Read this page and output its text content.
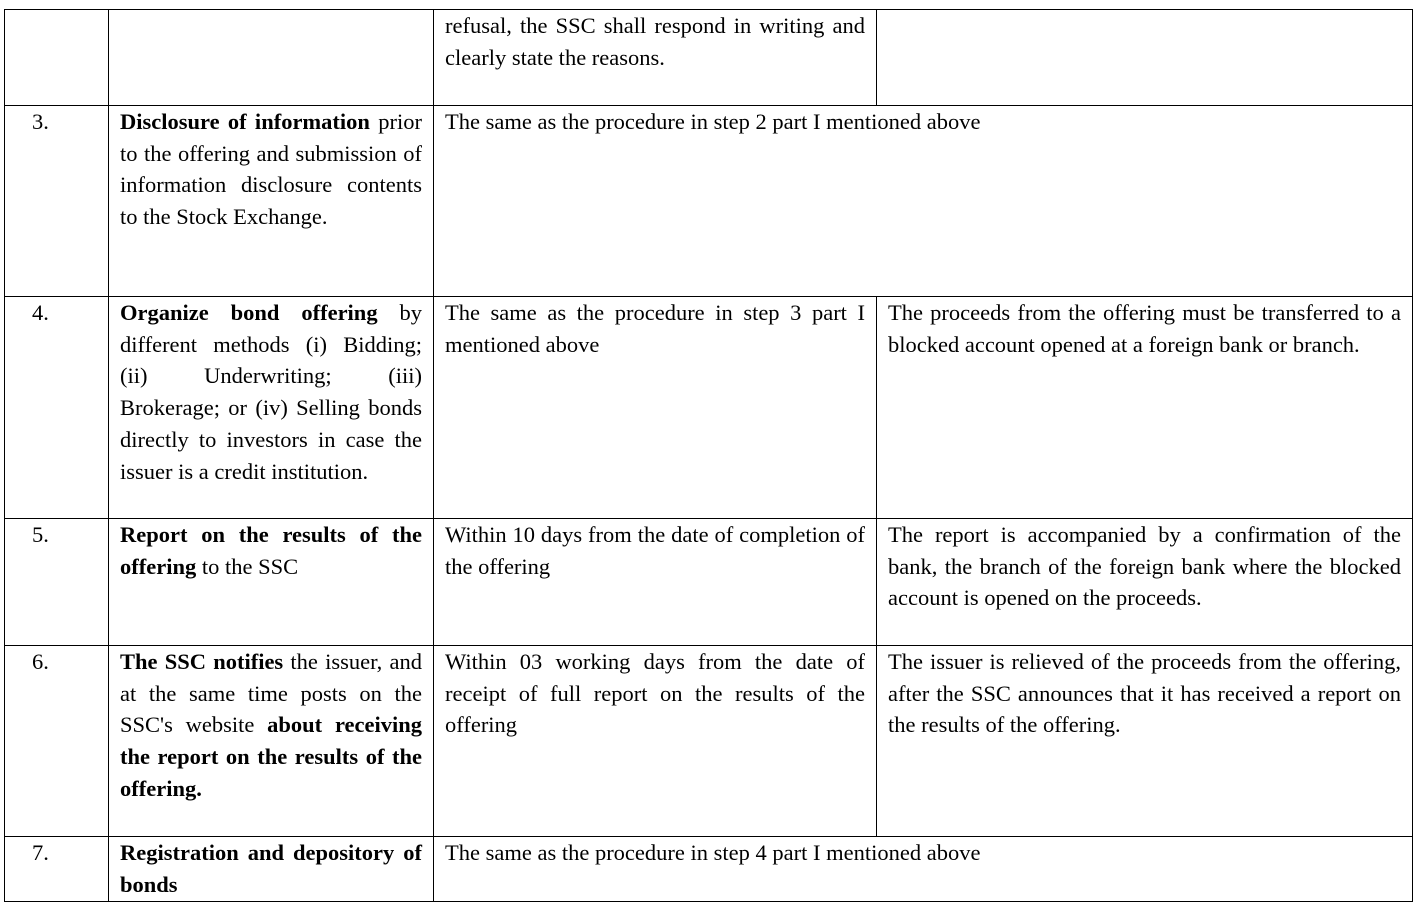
		refusal, the SSC shall respond in writing and clearly state the reasons.	
3.	Disclosure of information prior to the offering and submission of information disclosure contents to the Stock Exchange.	The same as the procedure in step 2 part I mentioned above	
4.	Organize bond offering by different methods (i) Bidding; (ii) Underwriting; (iii) Brokerage; or (iv) Selling bonds directly to investors in case the issuer is a credit institution.	The same as the procedure in step 3 part I mentioned above	The proceeds from the offering must be transferred to a blocked account opened at a foreign bank or branch.
5.	Report on the results of the offering to the SSC	Within 10 days from the date of completion of the offering	The report is accompanied by a confirmation of the bank, the branch of the foreign bank where the blocked account is opened on the proceeds.
6.	The SSC notifies the issuer, and at the same time posts on the SSC's website about receiving the report on the results of the offering.	Within 03 working days from the date of receipt of full report on the results of the offering	The issuer is relieved of the proceeds from the offering, after the SSC announces that it has received a report on the results of the offering.
7.	Registration and depository of bonds	The same as the procedure in step 4 part I mentioned above	
